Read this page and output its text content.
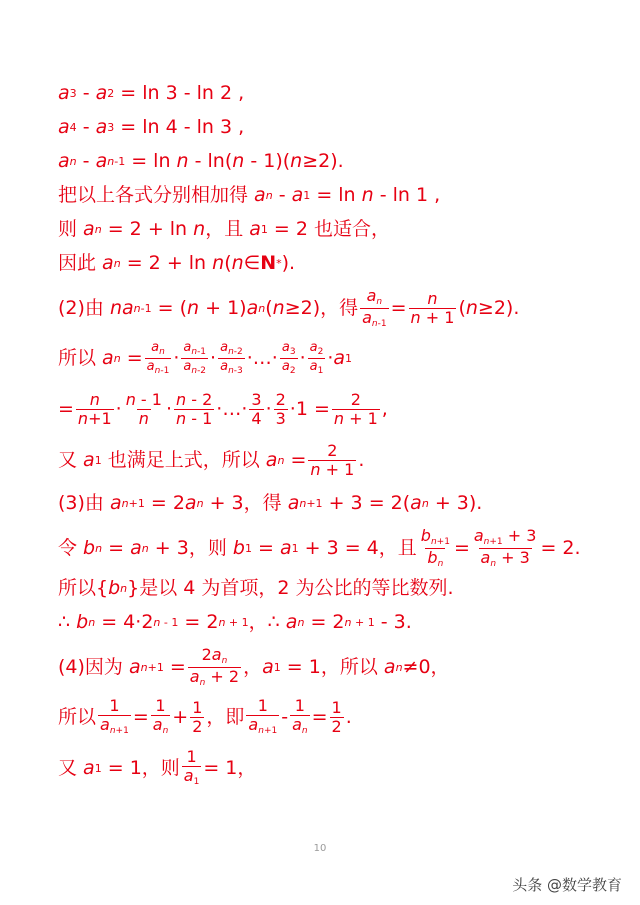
a 3 - a 2 = ln 3 - ln 2 ,
a 4 - a 3 = ln 4 - ln 3 ,
a n - a n-1 = ln n - ln( n - 1)( n ≥2).
把以上各式分别相加得 a n - a 1 = ln n - ln 1 ,
则 a n = 2 + ln n ，且 a 1 = 2 也适合，
因此 a n = 2 + ln n ( n ∈ N * ).
(2)由 na n-1 = ( n + 1) a n ( n ≥2)，得 $\frac{a_n}{a_{n-1}} = \frac{n}{n + 1}$ ( n ≥2).
所以 a $n = \frac{a_n}{a_{n-1}} \cdot \frac{a_{n-1}}{a_{n-2}} \cdot \frac{a_{n-2}}{a_{n-3}}$ ·…· $\frac{a_3}{a_2} \cdot \frac{a_2}{a_1} \cdot a$ 1
= $\frac{n}{n+1} \cdot \frac{n - 1}{n} \cdot \frac{n - 2}{n - 1}$ ·…· $\frac{3}{4} \cdot \frac{2}{3} \cdot 1 = \frac{2}{n + 1}$ ,
又 a 1 也满足上式，所以 a $n = \frac{2}{n + 1}$ .
(3)由 a n+1 = 2 a n + 3，得 a n+1 + 3 = 2( a n + 3).
令 b n = a n + 3，则 b 1 = a 1 + 3 = 4，且 $\frac{b_{n+1}}{b_n} = \frac{a_{n+1} + 3}{a_n + 3} = 2$.
所以{ b n }是以 4 为首项，2 为公比的等比数列.
∴ b n = 4·2 n - 1 = 2 n + 1 ，∴ a n = 2 n + 1 - 3.
(4)因为 a $n+1 = \frac{2a_n}{a_n + 2}$ ， a 1 = 1，所以 a n ≠0，
所以 $\frac{1}{a_{n+1}} = \frac{1}{a_n} + \frac{1}{2}$ ，即 $\frac{1}{a_{n+1}} - \frac{1}{a_n} = \frac{1}{2}$ .
又 a 1 = 1，则 $\frac{1}{a_1} = 1$，
10
头条 @数学教育
